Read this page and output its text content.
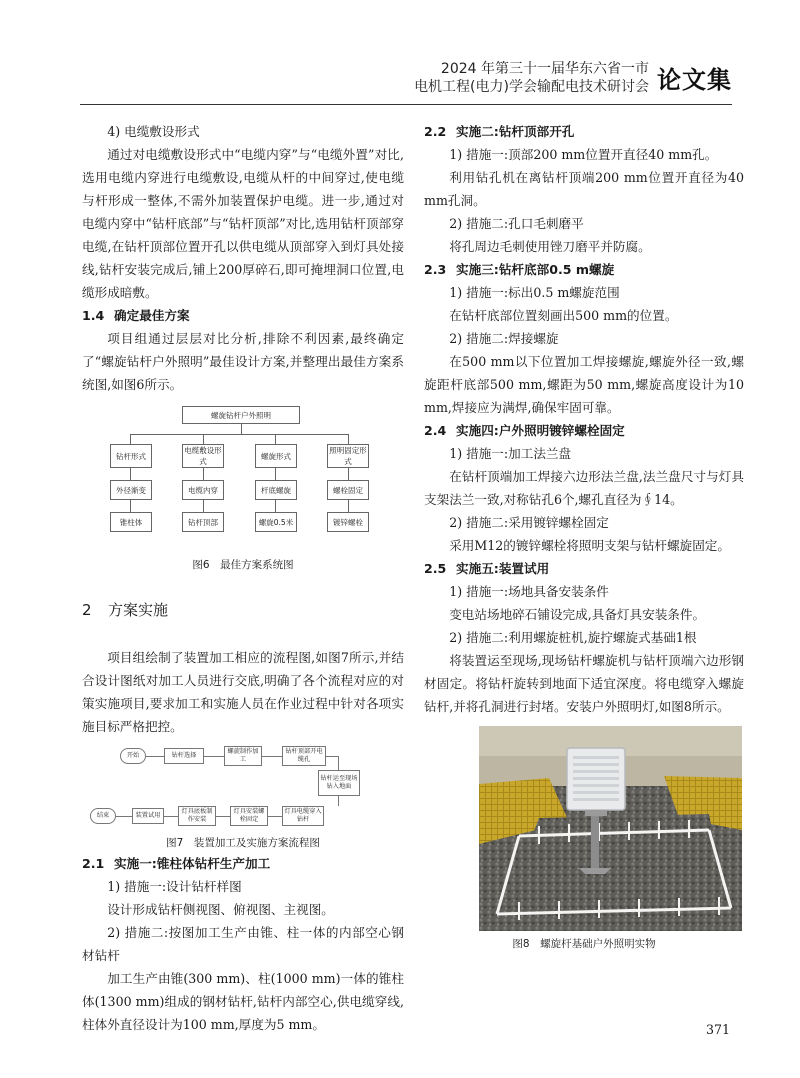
2024 年第三十一届华东六省一市
电机工程(电力)学会输配电技术研讨会 论文集
4) 电缆敷设形式

通过对电缆敷设形式中“电缆内穿”与“电缆外置”对比,选用电缆内穿进行电缆敷设,电缆从杆的中间穿过,使电缆与杆形成一整体,不需外加装置保护电缆。进一步,通过对电缆内穿中“钻杆底部”与“钻杆顶部”对比,选用钻杆顶部穿电缆,在钻杆顶部位置开孔以供电缆从顶部穿入到灯具处接线,钻杆安装完成后,铺上200厚碎石,即可掩埋洞口位置,电缆形成暗敷。

1.4 确定最佳方案

项目组通过层层对比分析,排除不利因素,最终确定了“螺旋钻杆户外照明”最佳设计方案,并整理出最佳方案系统图,如图6所示。

螺旋钻杆户外照明
钻杆形式
电缆敷设形式
螺旋形式
照明固定形式
外径渐变	电缆内穿	杆底螺旋	螺栓固定
锥柱体	钻杆顶部	螺旋0.5米	镀锌螺栓
图6　最佳方案系统图
2 方案实施

项目组绘制了装置加工相应的流程图,如图7所示,并结合设计图纸对加工人员进行交底,明确了各个流程对应的对策实施项目,要求加工和实施人员在作业过程中针对各项实施目标严格把控。

开始	钻杆选择
螺旋制作加工
钻杆顶部开电缆孔
钻杆运至现场钻入地面
灯具电缆穿入钻杆
灯具安装螺栓固定
灯具底板制作安装
装置试用
结束
图7　装置加工及实施方案流程图
2.1 实施一:锥柱体钻杆生产加工
1) 措施一:设计钻杆样图
设计形成钻杆侧视图、俯视图、主视图。

2) 措施二:按图加工生产由锥、柱一体的内部空心钢材钻杆

加工生产由锥(300 mm)、柱(1000 mm)一体的锥柱体(1300 mm)组成的钢材钻杆,钻杆内部空心,供电缆穿线,柱体外直径设计为100 mm,厚度为5 mm。

2.2 实施二:钻杆顶部开孔
1) 措施一:顶部200 mm位置开直径40 mm孔。

利用钻孔机在离钻杆顶端200 mm位置开直径为40 mm孔洞。

2) 措施二:孔口毛刺磨平
将孔周边毛刺使用锉刀磨平并防腐。
2.3 实施三:钻杆底部0.5 m螺旋
1) 措施一:标出0.5 m螺旋范围
在钻杆底部位置刻画出500 mm的位置。
2) 措施二:焊接螺旋

在500 mm以下位置加工焊接螺旋,螺旋外径一致,螺旋距杆底部500 mm,螺距为50 mm,螺旋高度设计为10 mm,焊接应为满焊,确保牢固可靠。

2.4 实施四:户外照明镀锌螺栓固定
1) 措施一:加工法兰盘

在钻杆顶端加工焊接六边形法兰盘,法兰盘尺寸与灯具支架法兰一致,对称钻孔6个,螺孔直径为∮14。

2) 措施二:采用镀锌螺栓固定

采用M12的镀锌螺栓将照明支架与钻杆螺旋固定。

2.5 实施五:装置试用
1) 措施一:场地具备安装条件
变电站场地碎石铺设完成,具备灯具安装条件。
2) 措施二:利用螺旋桩机,旋拧螺旋式基础1根

将装置运至现场,现场钻杆螺旋机与钻杆顶端六边形钢材固定。将钻杆旋转到地面下适宜深度。将电缆穿入螺旋钻杆,并将孔洞进行封堵。安装户外照明灯,如图8所示。

图8　螺旋杆基础户外照明实物
371
